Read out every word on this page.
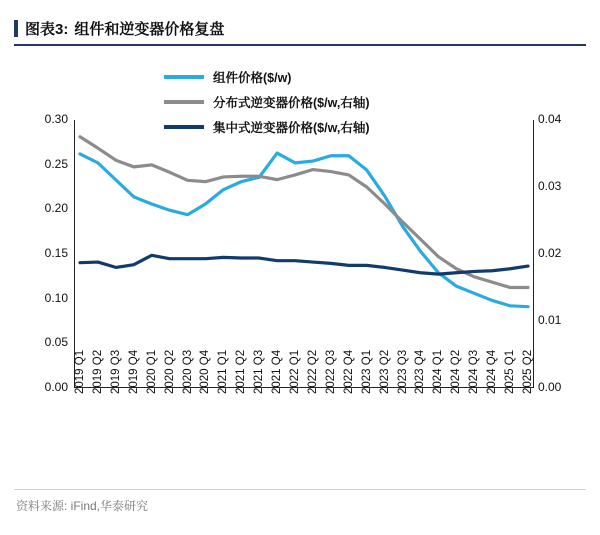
图表3: 组件和逆变器价格复盘
组件价格($/w)
分布式逆变器价格($/w,右轴)
集中式逆变器价格($/w,右轴)
0.30
0.25
0.20
0.15
0.10
0.05
0.00
0.04
0.03
0.02
0.01
0.00
2019 Q1 2019 Q2 2019 Q3 2019 Q4 2020 Q1 2020 Q2 2020 Q3 2020 Q4 2021 Q1 2021 Q2 2021 Q3 2021 Q4 2022 Q1 2022 Q2 2022 Q3 2022 Q4 2023 Q1 2023 Q2 2023 Q3 2023 Q4 2024 Q1 2024 Q2 2024 Q3 2024 Q4 2025 Q1 2025 Q2
资料来源: iFind,华泰研究
